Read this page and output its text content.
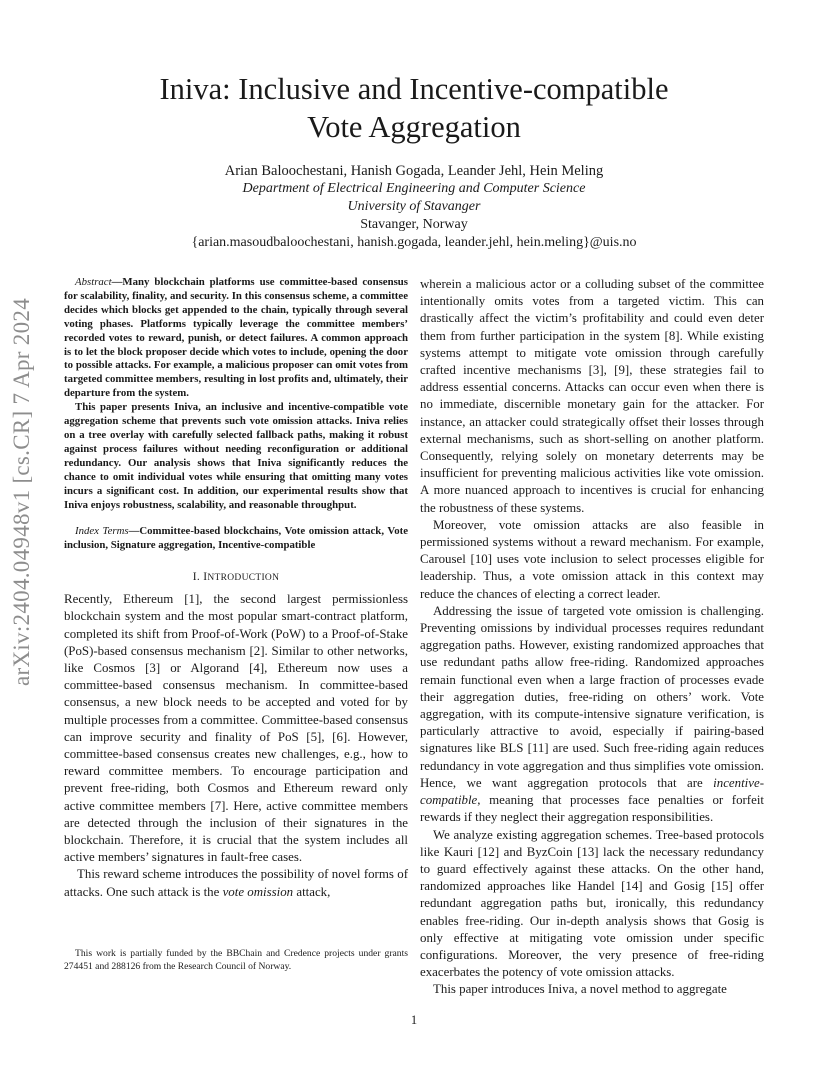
arXiv:2404.04948v1 [cs.CR] 7 Apr 2024
Iniva: Inclusive and Incentive-compatible
Vote Aggregation
Arian Baloochestani, Hanish Gogada, Leander Jehl, Hein Meling
Department of Electrical Engineering and Computer Science
University of Stavanger
Stavanger, Norway
{arian.masoudbaloochestani, hanish.gogada, leander.jehl, hein.meling}@uis.no

Abstract—Many blockchain platforms use committee-based consensus for scalability, finality, and security. In this consensus scheme, a committee decides which blocks get appended to the chain, typically through several voting phases. Platforms typically leverage the committee members’ recorded votes to reward, punish, or detect failures. A common approach is to let the block proposer decide which votes to include, opening the door to possible attacks. For example, a malicious proposer can omit votes from targeted committee members, resulting in lost profits and, ultimately, their departure from the system.

This paper presents Iniva, an inclusive and incentive-compatible vote aggregation scheme that prevents such vote omission attacks. Iniva relies on a tree overlay with carefully selected fallback paths, making it robust against process failures without needing reconfiguration or additional redundancy. Our analysis shows that Iniva significantly reduces the chance to omit individual votes while ensuring that omitting many votes incurs a significant cost. In addition, our experimental results show that Iniva enjoys robustness, scalability, and reasonable throughput.

Index Terms—Committee-based blockchains, Vote omission attack, Vote inclusion, Signature aggregation, Incentive-compatible

I. INTRODUCTION

Recently, Ethereum [1], the second largest permissionless blockchain system and the most popular smart-contract platform, completed its shift from Proof-of-Work (PoW) to a Proof-of-Stake (PoS)-based consensus mechanism [2]. Similar to other networks, like Cosmos [3] or Algorand [4], Ethereum now uses a committee-based consensus mechanism. In committee-based consensus, a new block needs to be accepted and voted for by multiple processes from a committee. Committee-based consensus can improve security and finality of PoS [5], [6]. However, committee-based consensus creates new challenges, e.g., how to reward committee members. To encourage participation and prevent free-riding, both Cosmos and Ethereum reward only active committee members [7]. Here, active committee members are detected through the inclusion of their signatures in the blockchain. Therefore, it is crucial that the system includes all active members’ signatures in fault-free cases.

This reward scheme introduces the possibility of novel forms of attacks. One such attack is the vote omission attack,

wherein a malicious actor or a colluding subset of the committee intentionally omits votes from a targeted victim. This can drastically affect the victim’s profitability and could even deter them from further participation in the system [8]. While existing systems attempt to mitigate vote omission through carefully crafted incentive mechanisms [3], [9], these strategies fail to address essential concerns. Attacks can occur even when there is no immediate, discernible monetary gain for the attacker. For instance, an attacker could strategically offset their losses through external mechanisms, such as short-selling on another platform. Consequently, relying solely on monetary deterrents may be insufficient for preventing malicious activities like vote omission. A more nuanced approach to incentives is crucial for enhancing the robustness of these systems.

Moreover, vote omission attacks are also feasible in permissioned systems without a reward mechanism. For example, Carousel [10] uses vote inclusion to select processes eligible for leadership. Thus, a vote omission attack in this context may reduce the chances of electing a correct leader.

Addressing the issue of targeted vote omission is challenging. Preventing omissions by individual processes requires redundant aggregation paths. However, existing randomized approaches that use redundant paths allow free-riding. Randomized approaches remain functional even when a large fraction of processes evade their aggregation duties, free-riding on others’ work. Vote aggregation, with its compute-intensive signature verification, is particularly attractive to avoid, especially if pairing-based signatures like BLS [11] are used. Such free-riding again reduces redundancy in vote aggregation and thus simplifies vote omission. Hence, we want aggregation protocols that are incentive-compatible, meaning that processes face penalties or forfeit rewards if they neglect their aggregation responsibilities.

We analyze existing aggregation schemes. Tree-based protocols like Kauri [12] and ByzCoin [13] lack the necessary redundancy to guard effectively against these attacks. On the other hand, randomized approaches like Handel [14] and Gosig [15] offer redundant aggregation paths but, ironically, this redundancy enables free-riding. Our in-depth analysis shows that Gosig is only effective at mitigating vote omission under specific configurations. Moreover, the very presence of free-riding exacerbates the potency of vote omission attacks.

This paper introduces Iniva, a novel method to aggregate

This work is partially funded by the BBChain and Credence projects under grants 274451 and 288126 from the Research Council of Norway.
1
